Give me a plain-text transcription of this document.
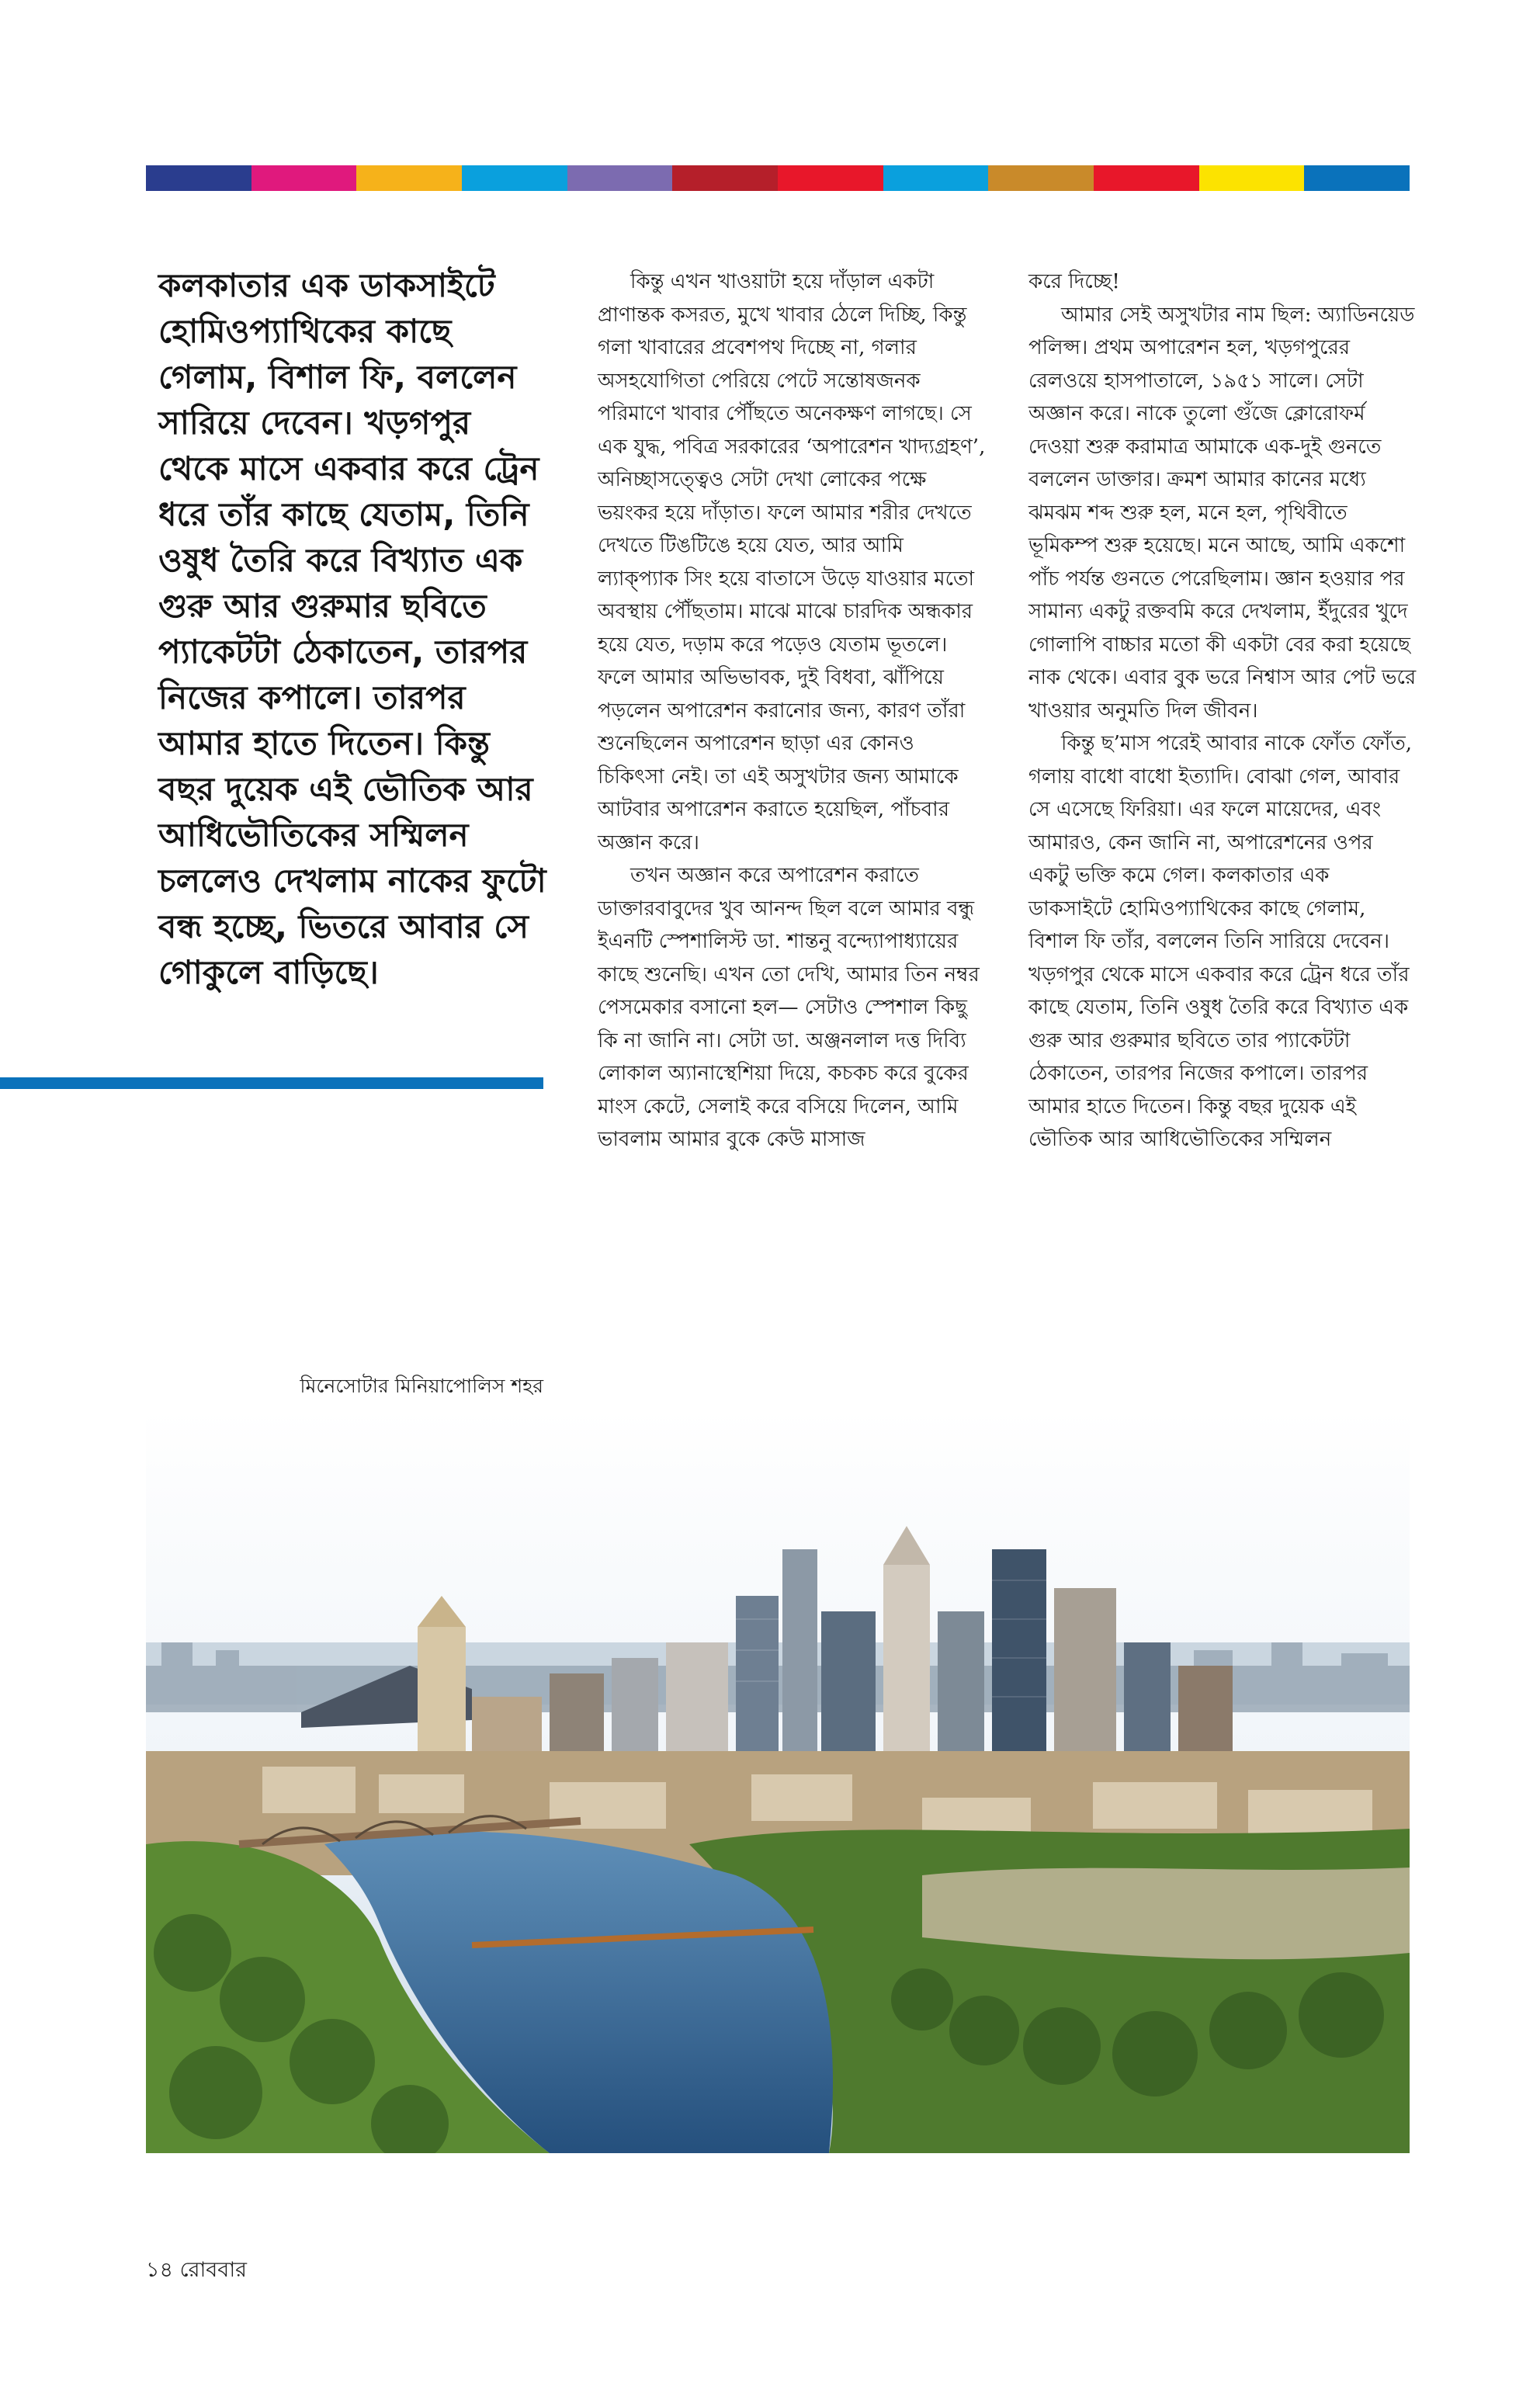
কলকাতার এক ডাকসাইটে হোমিওপ্যাথিকের কাছে গেলাম, বিশাল ফি, বললেন সারিয়ে দেবেন। খড়গপুর থেকে মাসে একবার করে ট্রেন ধরে তাঁর কাছে যেতাম, তিনি ওষুধ তৈরি করে বিখ্যাত এক গুরু আর গুরুমার ছবিতে প্যাকেটটা ঠেকাতেন, তারপর নিজের কপালে। তারপর আমার হাতে দিতেন। কিন্তু বছর দুয়েক এই ভৌতিক আর আধিভৌতিকের সম্মিলন চললেও দেখলাম নাকের ফুটো বন্ধ হচ্ছে, ভিতরে আবার সে গোকুলে বাড়িছে।

কিন্তু এখন খাওয়াটা হয়ে দাঁড়াল একটা প্রাণান্তক কসরত, মুখে খাবার ঠেলে দিচ্ছি, কিন্তু গলা খাবারের প্রবেশপথ দিচ্ছে না, গলার অসহযোগিতা পেরিয়ে পেটে সন্তোষজনক পরিমাণে খাবার পৌঁছতে অনেকক্ষণ লাগছে। সে এক যুদ্ধ, পবিত্র সরকারের ‘অপারেশন খাদ্যগ্রহণ’, অনিচ্ছাসত্ত্বেও সেটা দেখা লোকের পক্ষে ভয়ংকর হয়ে দাঁড়াত। ফলে আমার শরীর দেখতে দেখতে টিঙটিঙে হয়ে যেত, আর আমি ল্যাক্প্যাক সিং হয়ে বাতাসে উড়ে যাওয়ার মতো অবস্থায় পৌঁছতাম। মাঝে মাঝে চারদিক অন্ধকার হয়ে যেত, দড়াম করে পড়েও যেতাম ভূতলে। ফলে আমার অভিভাবক, দুই বিধবা, ঝাঁপিয়ে পড়লেন অপারেশন করানোর জন্য, কারণ তাঁরা শুনেছিলেন অপারেশন ছাড়া এর কোনও চিকিৎসা নেই। তা এই অসুখটার জন্য আমাকে আটবার অপারেশন করাতে হয়েছিল, পাঁচবার অজ্ঞান করে।

তখন অজ্ঞান করে অপারেশন করাতে ডাক্তারবাবুদের খুব আনন্দ ছিল বলে আমার বন্ধু ইএনটি স্পেশালিস্ট ডা. শান্তনু বন্দ্যোপাধ্যায়ের কাছে শুনেছি। এখন তো দেখি, আমার তিন নম্বর পেসমেকার বসানো হল— সেটাও স্পেশাল কিছু কি না জানি না। সেটা ডা. অঞ্জনলাল দত্ত দিব্যি লোকাল অ্যানাস্থেশিয়া দিয়ে, কচকচ করে বুকের মাংস কেটে, সেলাই করে বসিয়ে দিলেন, আমি ভাবলাম আমার বুকে কেউ মাসাজ

করে দিচ্ছে!

আমার সেই অসুখটার নাম ছিল: অ্যাডিনয়েড পলিপ্স। প্রথম অপারেশন হল, খড়গপুরের রেলওয়ে হাসপাতালে, ১৯৫১ সালে। সেটা অজ্ঞান করে। নাকে তুলো গুঁজে ক্লোরোফর্ম দেওয়া শুরু করামাত্র আমাকে এক-দুই গুনতে বললেন ডাক্তার। ক্রমশ আমার কানের মধ্যে ঝমঝম শব্দ শুরু হল, মনে হল, পৃথিবীতে ভূমিকম্প শুরু হয়েছে। মনে আছে, আমি একশো পাঁচ পর্যন্ত গুনতে পেরেছিলাম। জ্ঞান হওয়ার পর সামান্য একটু রক্তবমি করে দেখলাম, ইঁদুরের খুদে গোলাপি বাচ্চার মতো কী একটা বের করা হয়েছে নাক থেকে। এবার বুক ভরে নিশ্বাস আর পেট ভরে খাওয়ার অনুমতি দিল জীবন।

কিন্তু ছ’মাস পরেই আবার নাকে ফোঁত ফোঁত, গলায় বাধো বাধো ইত্যাদি। বোঝা গেল, আবার সে এসেছে ফিরিয়া। এর ফলে মায়েদের, এবং আমারও, কেন জানি না, অপারেশনের ওপর একটু ভক্তি কমে গেল। কলকাতার এক ডাকসাইটে হোমিওপ্যাথিকের কাছে গেলাম, বিশাল ফি তাঁর, বললেন তিনি সারিয়ে দেবেন। খড়গপুর থেকে মাসে একবার করে ট্রেন ধরে তাঁর কাছে যেতাম, তিনি ওষুধ তৈরি করে বিখ্যাত এক গুরু আর গুরুমার ছবিতে তার প্যাকেটটা ঠেকাতেন, তারপর নিজের কপালে। তারপর আমার হাতে দিতেন। কিন্তু বছর দুয়েক এই ভৌতিক আর আধিভৌতিকের সম্মিলন

মিনেসোটার মিনিয়াপোলিস শহর

১৪ রোববার
